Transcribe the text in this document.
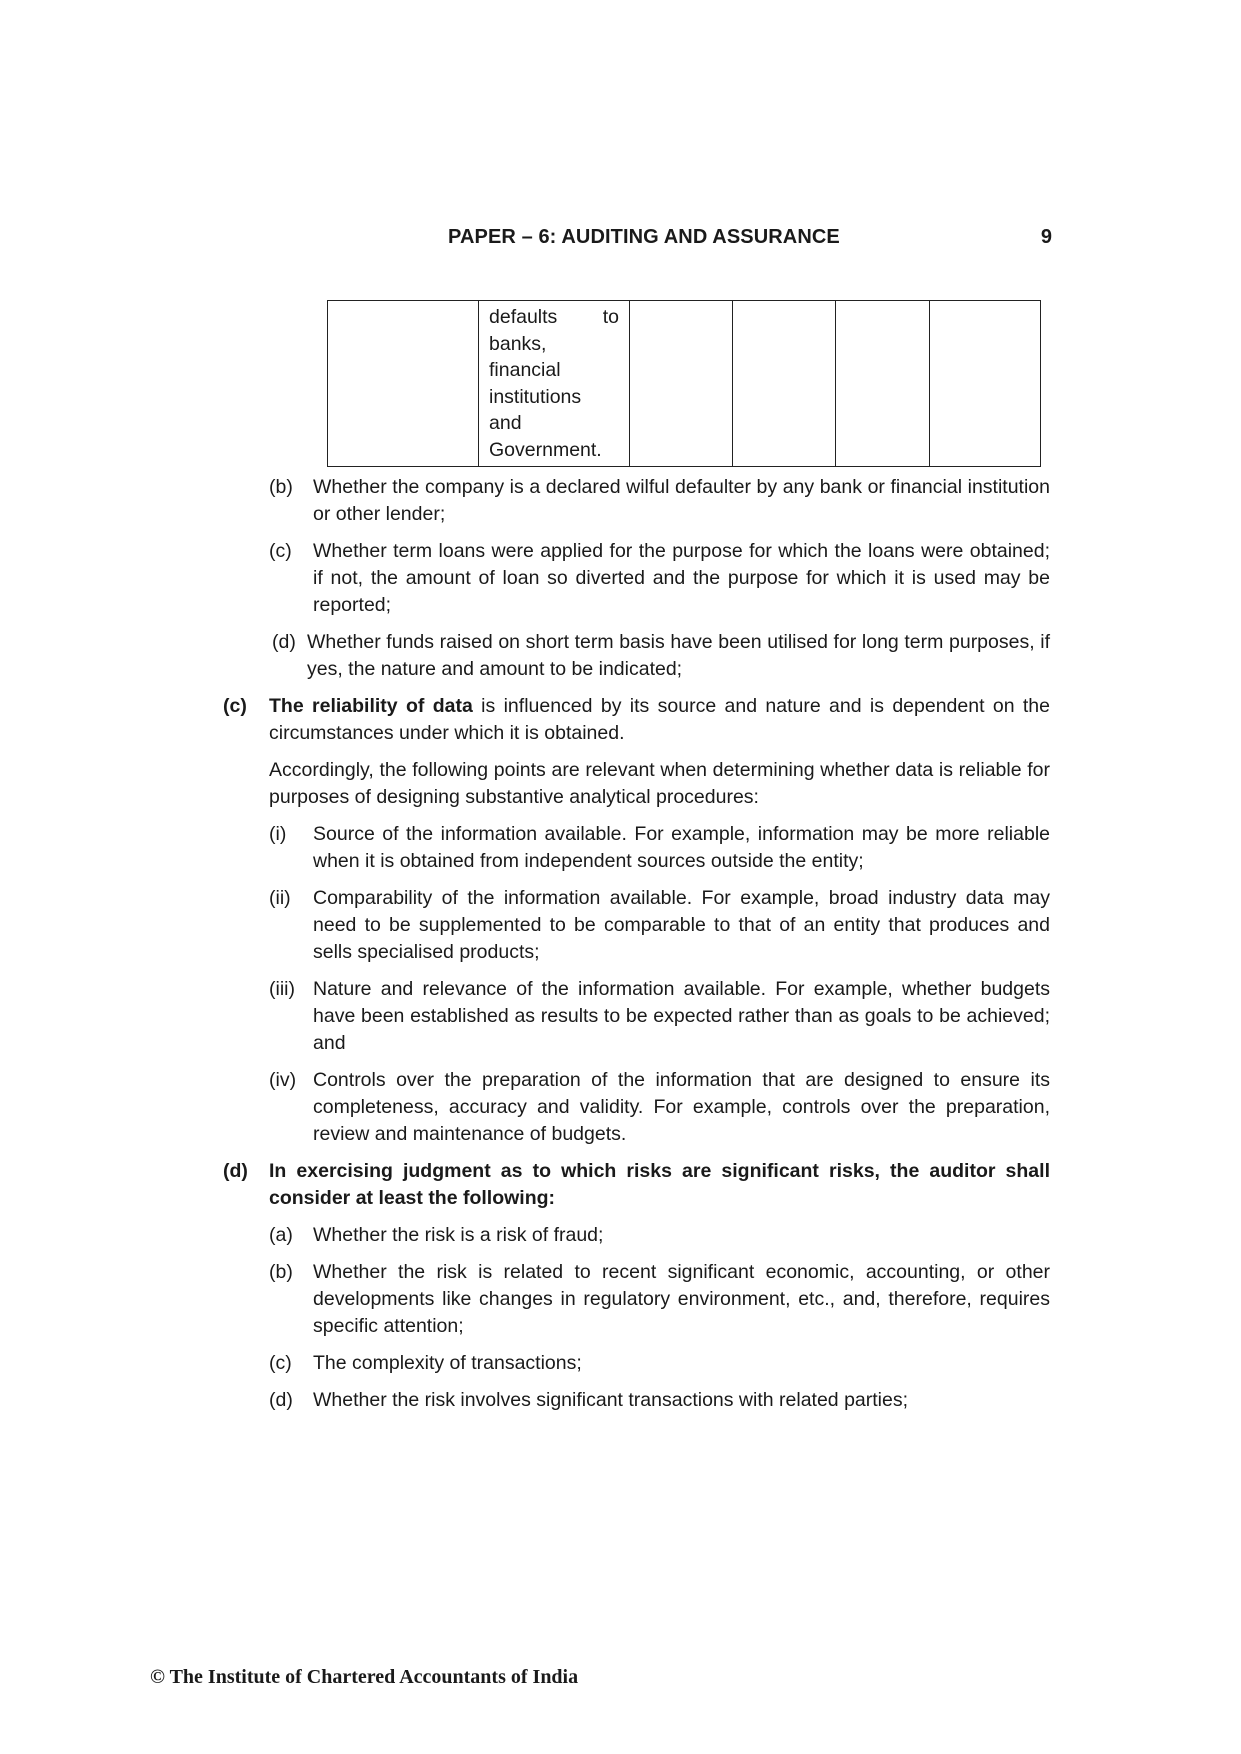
PAPER – 6: AUDITING AND ASSURANCE	9

defaults to
banks,
financial
institutions
and
Government.

(b) Whether the company is a declared wilful defaulter by any bank or financial institution or other lender;
(c) Whether term loans were applied for the purpose for which the loans were obtained; if not, the amount of loan so diverted and the purpose for which it is used may be reported;
(d) Whether funds raised on short term basis have been utilised for long term purposes, if yes, the nature and amount to be indicated;
(c) The reliability of data is influenced by its source and nature and is dependent on the circumstances under which it is obtained.

Accordingly, the following points are relevant when determining whether data is reliable for purposes of designing substantive analytical procedures:

(i) Source of the information available. For example, information may be more reliable when it is obtained from independent sources outside the entity;
(ii) Comparability of the information available. For example, broad industry data may need to be supplemented to be comparable to that of an entity that produces and sells specialised products;
(iii) Nature and relevance of the information available. For example, whether budgets have been established as results to be expected rather than as goals to be achieved; and
(iv) Controls over the preparation of the information that are designed to ensure its completeness, accuracy and validity. For example, controls over the preparation, review and maintenance of budgets.
(d) In exercising judgment as to which risks are significant risks, the auditor shall consider at least the following:

(a) Whether the risk is a risk of fraud;
(b) Whether the risk is related to recent significant economic, accounting, or other developments like changes in regulatory environment, etc., and, therefore, requires specific attention;
(c) The complexity of transactions;
(d) Whether the risk involves significant transactions with related parties;
© The Institute of Chartered Accountants of India
